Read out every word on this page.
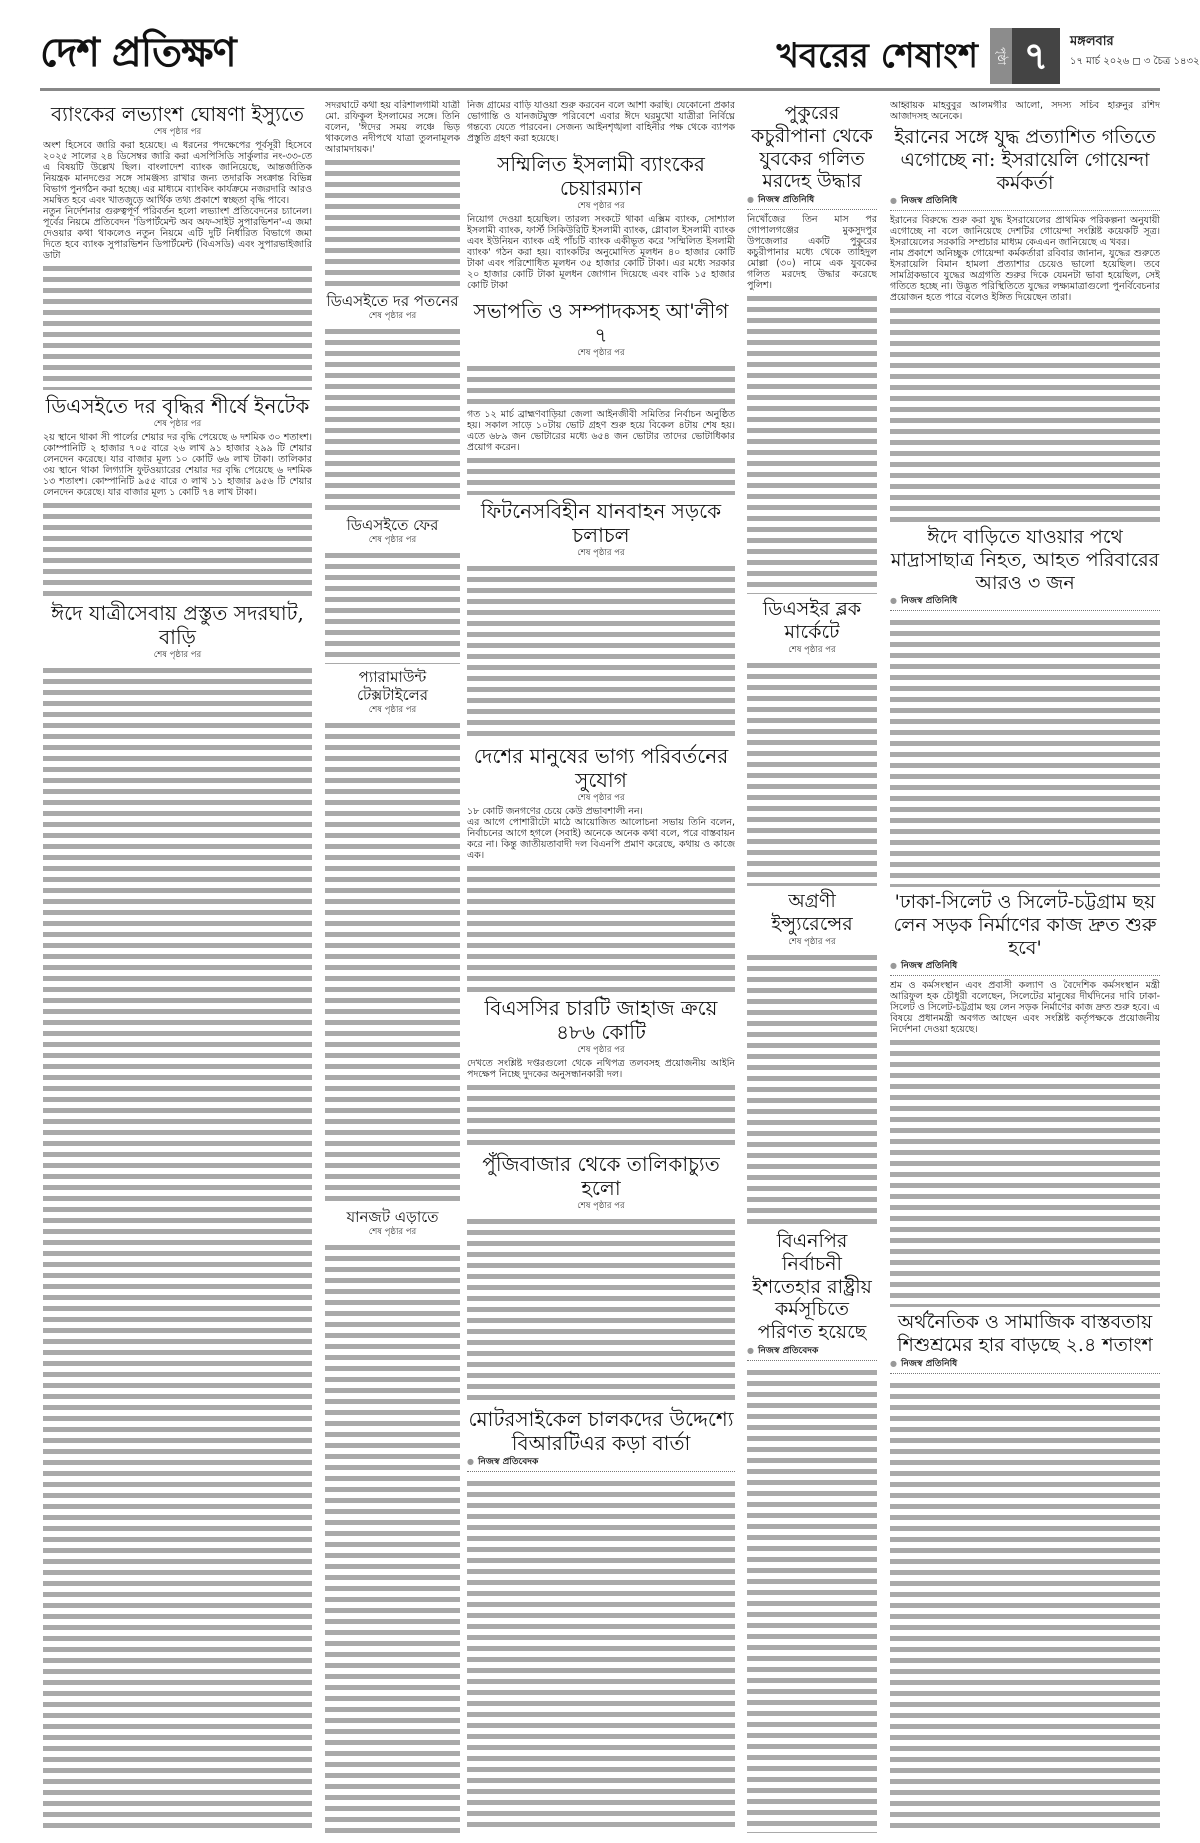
দেশ প্রতিক্ষণ	খবরের শেষাংশ	পৃষ্ঠা ৭	মঙ্গলবার
১৭ মার্চ ২০২৬ ◻ ৩ চৈত্র ১৪৩২
ব্যাংকের লভ্যাংশ ঘোষণা ইস্যুতে
শেষ পৃষ্ঠার পর
অংশ হিসেবে জারি করা হয়েছে। এ ধরনের পদক্ষেপের পূর্বসূরী হিসেবে ২০২৫ সালের ২৪ ডিসেম্বর জারি করা এসপিসিডি সার্কুলার নং-৩৩-তে এ বিষয়টি উল্লেখ ছিল। বাংলাদেশ ব্যাংক জানিয়েছে, আন্তর্জাতিক নিয়ন্ত্রক মানদণ্ডের সঙ্গে সামঞ্জস্য রাখার জন্য তদারকি সংক্রান্ত বিভিন্ন বিভাগ পুনর্গঠন করা হচ্ছে। এর মাধ্যমে ব্যাংকিং কার্যক্রমে নজরদারি আরও সমন্বিত হবে এবং খাতজুড়ে আর্থিক তথ্য প্রকাশে স্বচ্ছতা বৃদ্ধি পাবে।
নতুন নির্দেশনার গুরুত্বপূর্ণ পরিবর্তন হলো লভ্যাংশ প্রতিবেদনের চ্যানেল। পূর্বের নিয়মে প্রতিবেদন 'ডিপার্টমেন্ট অব অফ-সাইট সুপারভিশন'-এ জমা দেওয়ার কথা থাকলেও নতুন নিয়মে এটি দুটি নির্ধারিত বিভাগে জমা দিতে হবে ব্যাংক সুপারভিশন ডিপার্টমেন্ট (বিএসডি) এবং সুপারভাইজারি ডাটা
ডিএসইতে দর বৃদ্ধির শীর্ষে ইনটেক
শেষ পৃষ্ঠার পর
২য় স্থানে থাকা সী পার্লের শেয়ার দর বৃদ্ধি পেয়েছে ৬ দশমিক ৩০ শতাংশ। কোম্পানিটি ২ হাজার ৭০৫ বারে ২৬ লাখ ৯১ হাজার ২৯৯ টি শেয়ার লেনদেন করেছে। যার বাজার মূল্য ১০ কোটি ৬৬ লাখ টাকা। তালিকার ৩য় স্থানে থাকা লিগ্যাসি ফুটওয়্যারের শেয়ার দর বৃদ্ধি পেয়েছে ৬ দশমিক ১৩ শতাংশ। কোম্পানিটি ৯৫৫ বারে ৩ লাখ ১১ হাজার ৯৫৬ টি শেয়ার লেনদেন করেছে। যার বাজার মূল্য ১ কোটি ৭৪ লাখ টাকা।
ঈদে যাত্রীসেবায় প্রস্তুত সদরঘাট, বাড়ি
শেষ পৃষ্ঠার পর
সদরঘাটে কথা হয় বরিশালগামী যাত্রী মো. রফিকুল ইসলামের সঙ্গে। তিনি বলেন, 'ঈদের সময় লঞ্চে ভিড় থাকলেও নদীপথে যাত্রা তুলনামূলক আরামদায়ক।'
ডিএসইতে দর পতনের
শেষ পৃষ্ঠার পর
ডিএসইতে ফের
শেষ পৃষ্ঠার পর
প্যারামাউন্ট টেক্সটাইলের
শেষ পৃষ্ঠার পর
যানজট এড়াতে
শেষ পৃষ্ঠার পর
নিজ গ্রামের বাড়ি যাওয়া শুরু করবেন বলে আশা করছি। যেকোনো প্রকার ভোগান্তি ও যানজটমুক্ত পরিবেশে এবার ঈদে ঘরমুখো যাত্রীরা নির্বিঘ্নে গন্তব্যে যেতে পারবেন। সেজন্য আইনশৃঙ্খলা বাহিনীর পক্ষ থেকে ব্যাপক প্রস্তুতি গ্রহণ করা হয়েছে।
সম্মিলিত ইসলামী ব্যাংকের চেয়ারম্যান
শেষ পৃষ্ঠার পর
নিয়োগ দেওয়া হয়েছিল। তারল্য সংকটে থাকা এক্সিম ব্যাংক, সোশ্যাল ইসলামী ব্যাংক, ফার্স্ট সিকিউরিটি ইসলামী ব্যাংক, গ্লোবাল ইসলামী ব্যাংক এবং ইউনিয়ন ব্যাংক এই পাঁচটি ব্যাংক একীভূত করে 'সম্মিলিত ইসলামী ব্যাংক' গঠন করা হয়। ব্যাংকটির অনুমোদিত মূলধন ৪০ হাজার কোটি টাকা এবং পরিশোধিত মূলধন ৩৫ হাজার কোটি টাকা। এর মধ্যে সরকার ২০ হাজার কোটি টাকা মূলধন জোগান দিয়েছে এবং বাকি ১৫ হাজার কোটি টাকা
সভাপতি ও সম্পাদকসহ আ'লীগ ৭
শেষ পৃষ্ঠার পর
গত ১২ মার্চ ব্রাহ্মণবাড়িয়া জেলা আইনজীবী সমিতির নির্বাচন অনুষ্ঠিত হয়। সকাল সাড়ে ১০টায় ভোট গ্রহণ শুরু হয়ে বিকেল ৪টায় শেষ হয়। এতে ৬৮৯ জন ভোটারের মধ্যে ৬৫৪ জন ভোটার তাদের ভোটাধিকার প্রয়োগ করেন।
ফিটনেসবিহীন যানবাহন সড়কে চলাচল
শেষ পৃষ্ঠার পর
দেশের মানুষের ভাগ্য পরিবর্তনের সুযোগ
শেষ পৃষ্ঠার পর
১৮ কোটি জনগণের চেয়ে কেউ প্রভাবশালী নন।
এর আগে পোশারীটো মাঠে আয়োজিত আলোচনা সভায় তিনি বলেন, নির্বাচনের আগে হগলে (সবাই) অনেকে অনেক কথা বলে, পরে বাস্তবায়ন করে না। কিন্তু জাতীয়তাবাদী দল বিএনপি প্রমাণ করেছে, কথায় ও কাজে এক।
বিএসসির চারটি জাহাজ ক্রয়ে ৪৮৬ কোটি
শেষ পৃষ্ঠার পর
দেখতে সংশ্লিষ্ট দপ্তরগুলো থেকে নথিপত্র তলবসহ প্রয়োজনীয় আইনি পদক্ষেপ নিচ্ছে দুদকের অনুসন্ধানকারী দল।
পুঁজিবাজার থেকে তালিকাচ্যুত হলো
শেষ পৃষ্ঠার পর
মোটরসাইকেল চালকদের উদ্দেশ্যে বিআরটিএর কড়া বার্তা
● নিজস্ব প্রতিবেদক
পুকুরের কচুরীপানা থেকে যুবকের গলিত মরদেহ উদ্ধার
● নিজস্ব প্রতিনিধি
নিখোঁজের তিন মাস পর গোপালগঞ্জের মুকসুদপুর উপজেলার একটি পুকুরের কচুরীপানার মধ্যে থেকে তাহিদুল মোল্লা (৩০) নামে এক যুবকের গলিত মরদেহ উদ্ধার করেছে পুলিশ।
ডিএসইর ব্লক মার্কেটে
শেষ পৃষ্ঠার পর
অগ্রণী ইন্স্যুরেন্সের
শেষ পৃষ্ঠার পর
বিএনপির নির্বাচনী ইশতেহার রাষ্ট্রীয় কর্মসূচিতে পরিণত হয়েছে
● নিজস্ব প্রতিবেদক
আহ্বায়ক মাহবুবুর আলমগীর আলো, সদস্য সচিব হারুনুর রশিদ আজাদসহ অনেকে।
ইরানের সঙ্গে যুদ্ধ প্রত্যাশিত গতিতে এগোচ্ছে না: ইসরায়েলি গোয়েন্দা কর্মকর্তা
● নিজস্ব প্রতিনিধি
ইরানের বিরুদ্ধে শুরু করা যুদ্ধ ইসরায়েলের প্রাথমিক পরিকল্পনা অনুযায়ী এগোচ্ছে না বলে জানিয়েছে দেশটির গোয়েন্দা সংশ্লিষ্ট কয়েকটি সূত্র। ইসরায়েলের সরকারি সম্প্রচার মাধ্যম কেএএন জানিয়েছে এ খবর।
নাম প্রকাশে অনিচ্ছুক গোয়েন্দা কর্মকর্তারা রবিবার জানান, যুদ্ধের শুরুতে ইসরায়েলি বিমান হামলা প্রত্যাশার চেয়েও ভালো হয়েছিল। তবে সামগ্রিকভাবে যুদ্ধের অগ্রগতি শুরুর দিকে যেমনটা ভাবা হয়েছিল, সেই গতিতে হচ্ছে না। উদ্ভূত পরিস্থিতিতে যুদ্ধের লক্ষ্যমাত্রাগুলো পুনর্বিবেচনার প্রয়োজন হতে পারে বলেও ইঙ্গিত দিয়েছেন তারা।
ঈদে বাড়িতে যাওয়ার পথে মাদ্রাসাছাত্র নিহত, আহত পরিবারের আরও ৩ জন
● নিজস্ব প্রতিনিধি
'ঢাকা-সিলেট ও সিলেট-চট্টগ্রাম ছয় লেন সড়ক নির্মাণের কাজ দ্রুত শুরু হবে'
● নিজস্ব প্রতিনিধি
শ্রম ও কর্মসংস্থান এবং প্রবাসী কল্যাণ ও বৈদেশিক কর্মসংস্থান মন্ত্রী আরিফুল হক চৌধুরী বলেছেন, সিলেটের মানুষের দীর্ঘদিনের দাবি ঢাকা-সিলেট ও সিলেট-চট্টগ্রাম ছয় লেন সড়ক নির্মাণের কাজ দ্রুত শুরু হবে। এ বিষয়ে প্রধানমন্ত্রী অবগত আছেন এবং সংশ্লিষ্ট কর্তৃপক্ষকে প্রয়োজনীয় নির্দেশনা দেওয়া হয়েছে।
অর্থনৈতিক ও সামাজিক বাস্তবতায় শিশুশ্রমের হার বাড়ছে ২.৪ শতাংশ
● নিজস্ব প্রতিনিধি
